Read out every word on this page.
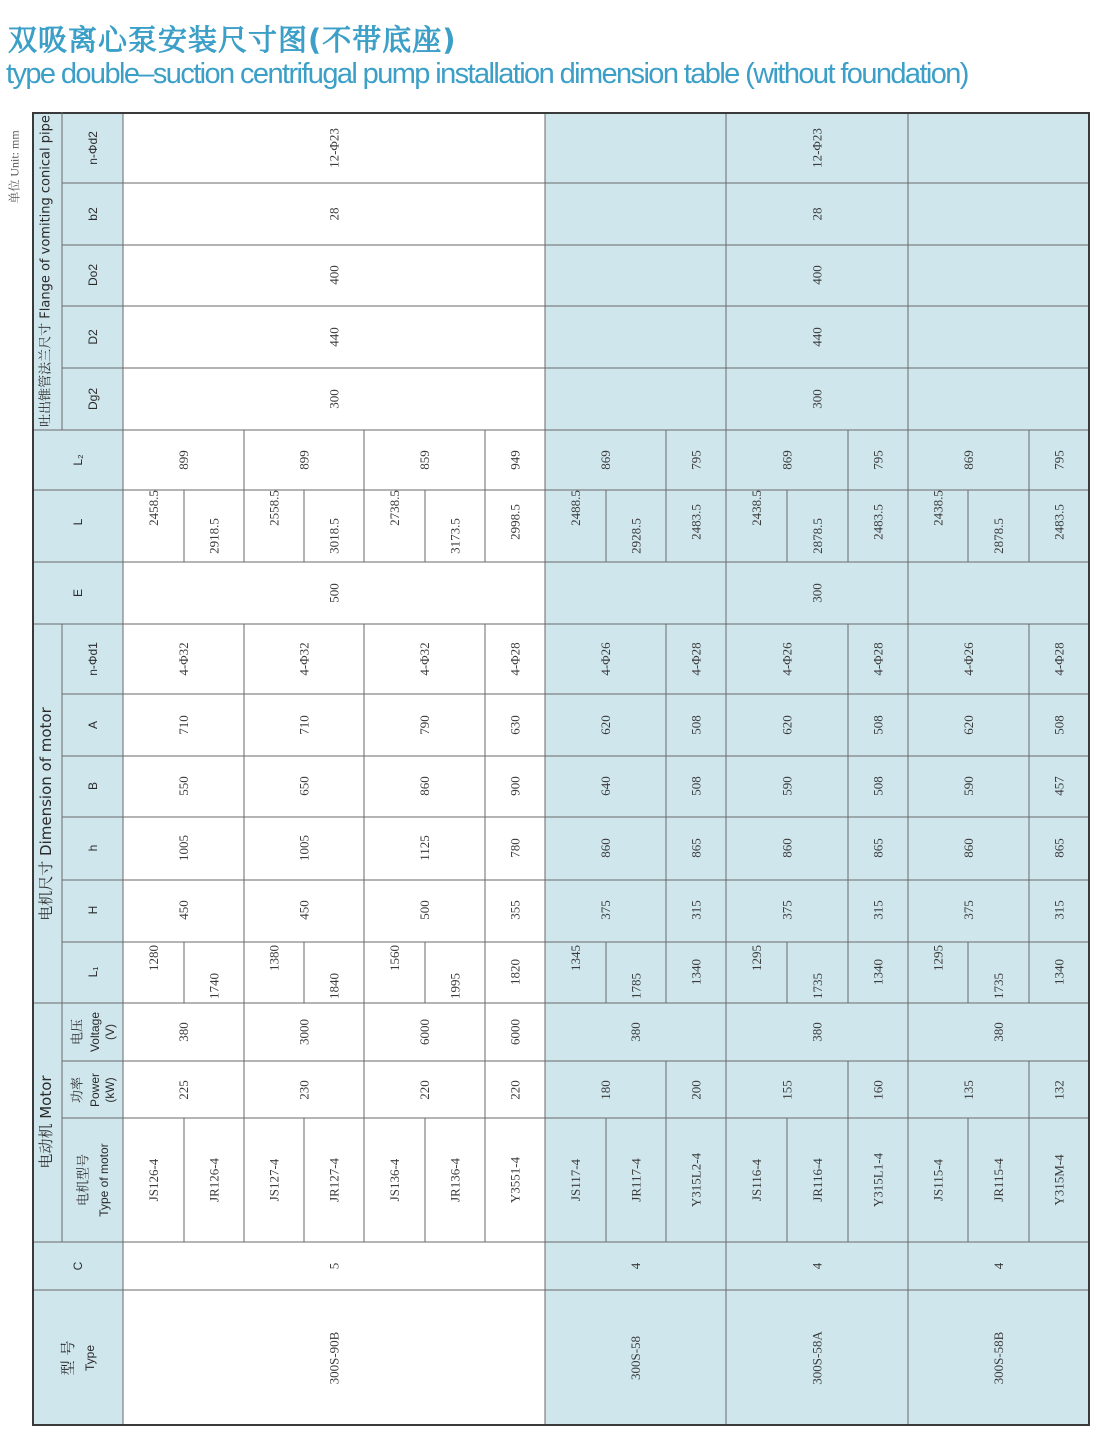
双吸离心泵安装尺寸图(不带底座)
type double–suction centrifugal pump installation dimension table (without foundation)
单位 Unit: mm 吐出锥管法兰尺寸 Flange of vomiting conical pipe
电机尺寸 Dimension of motor
电动机 Motor
n-Φd2
b2
Do2
D2
Dg2
L₂
L
E
n-Φd1
A
B
h
H
L₁
电压 Voltage (V)
功率 Power (kW)
电机型号 Type of motor
C
型 号 Type	300S-90B
5
225
380
450
1005
550
710
4-Φ32
899
JS126-4
1280
2458.5
JR126-4
1740
2918.5
230
3000
450
1005
650
710
4-Φ32
899
JS127-4
1380
2558.5
JR127-4
1840
3018.5
220
6000
500
1125
860
790
4-Φ32
859
JS136-4
1560
2738.5
JR136-4
1995
3173.5
220
6000
355
780
900
630
4-Φ28
949
Y3551-4
1820
2998.5
300S-58
4
380
180
375
860
640
620
4-Φ26
869
JS117-4
1345
2488.5
JR117-4
1785
2928.5
200
315
865
508
508
4-Φ28
795
Y315L2-4
1340
2483.5
300S-58A
4
380
155
375
860
590
620
4-Φ26
869
JS116-4
1295
2438.5
JR116-4
1735
2878.5
160
315
865
508
508
4-Φ28
795
Y315L1-4
1340
2483.5
300S-58B
4
380
135
375
860
590
620
4-Φ26
869
JS115-4
1295
2438.5
JR115-4
1735
2878.5
132
315
865
457
508
4-Φ28
795
Y315M-4
1340
2483.5
500
300
440
400
28
12-Φ23
300
300
440
400
28
12-Φ23
